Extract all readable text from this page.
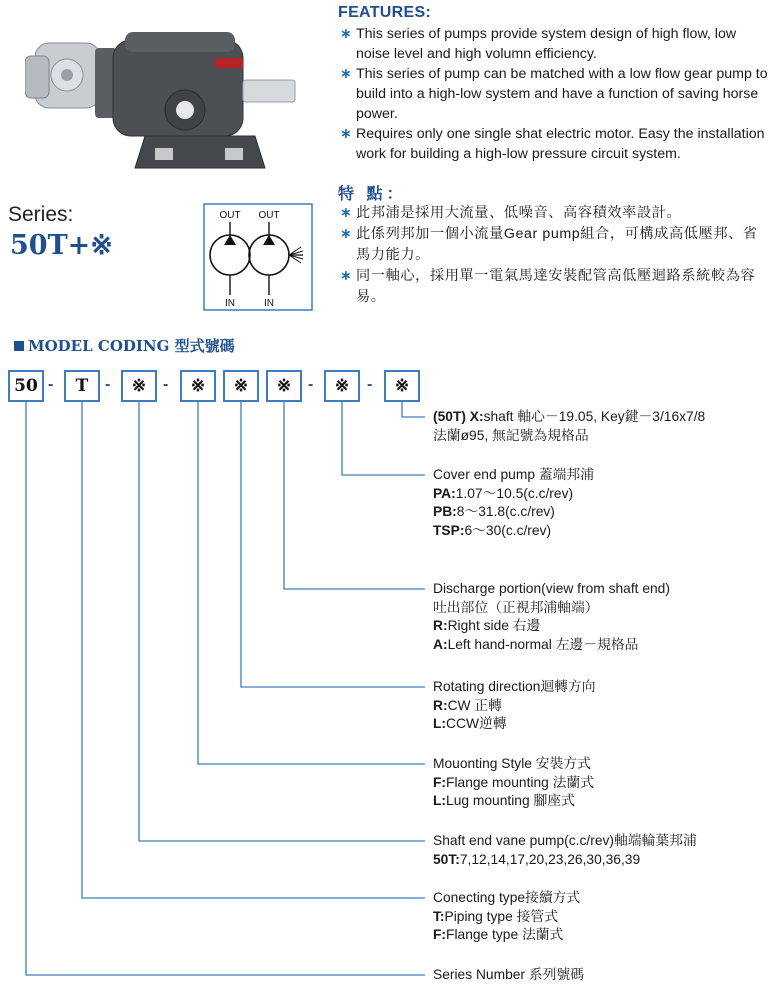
FEATURES:
∗ This series of pumps provide system design of high flow, low noise level and high volumn efficiency.
∗ This series of pump can be matched with a low flow gear pump to build into a high-low system and have a function of saving horse power.
∗ Requires only one single shat electric motor. Easy the installation work for building a high-low pressure circuit system.
特 點：
∗ 此邦浦是採用大流量、低噪音、高容積效率設計。
∗ 此係列邦加一個小流量Gear pump組合，可構成高低壓邦、省馬力能力。
∗ 同一軸心，採用單一電氣馬達安裝配管高低壓迴路系統較為容易。
Series:
50T+※
OUT OUT
IN	IN
MODEL CODING 型式號碼
50 -	T	-	※	-	※	※	※	-	※	-	※
(50T) X:shaft 軸心－19.05, Key鍵－3/16x7/8
法蘭ø95, 無記號為規格品
Cover end pump 蓋端邦浦
PA:1.07～10.5(c.c/rev)
PB:8～31.8(c.c/rev)
TSP:6～30(c.c/rev)
Discharge portion(view from shaft end)
吐出部位（正視邦浦軸端）
R:Right side 右邊
A:Left hand-normal 左邊－規格品
Rotating direction迴轉方向
R:CW 正轉
L:CCW逆轉
Mouonting Style 安裝方式
F:Flange mounting 法蘭式
L:Lug mounting 腳座式
Shaft end vane pump(c.c/rev)軸端輪葉邦浦
50T:7,12,14,17,20,23,26,30,36,39
Conecting type接續方式
T:Piping type 接管式
F:Flange type 法蘭式
Series Number 系列號碼
